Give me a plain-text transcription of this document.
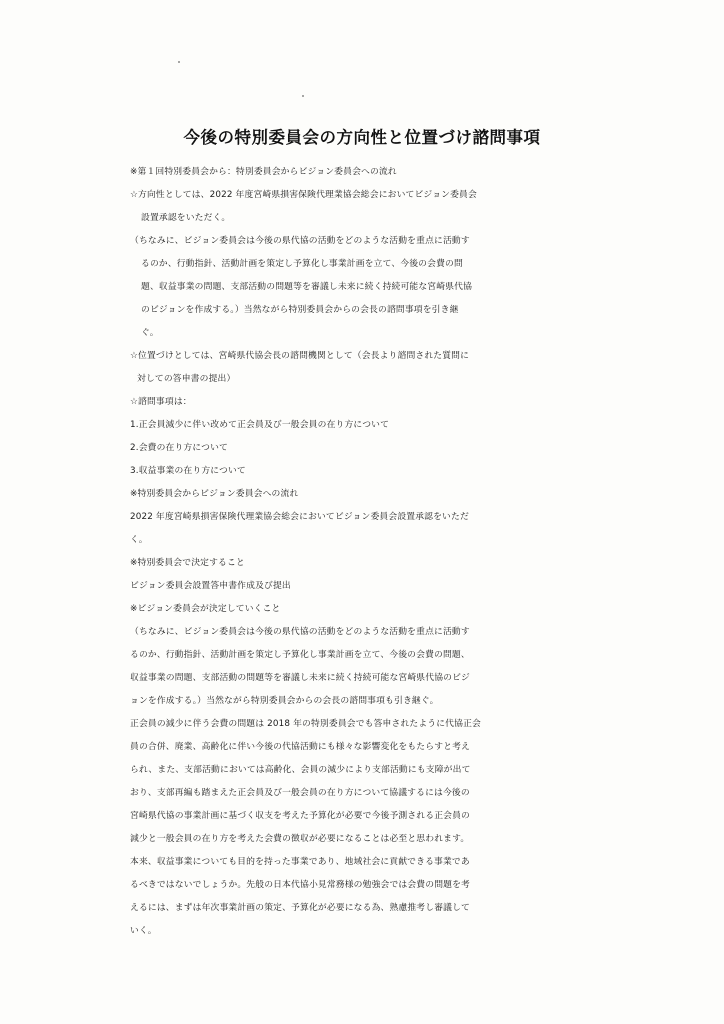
今後の特別委員会の方向性と位置づけ諮問事項
※第１回特別委員会から：特別委員会からビジョン委員会への流れ
☆方向性としては、2022 年度宮崎県損害保険代理業協会総会においてビジョン委員会
設置承認をいただく。
（ちなみに、ビジョン委員会は今後の県代協の活動をどのような活動を重点に活動す
るのか、行動指針、活動計画を策定し予算化し事業計画を立て、今後の会費の問
題、収益事業の問題、支部活動の問題等を審議し未来に続く持続可能な宮崎県代協
のビジョンを作成する。）当然ながら特別委員会からの会長の諮問事項を引き継
ぐ。
☆位置づけとしては、宮崎県代協会長の諮問機関として（会長より諮問された質問に
対しての答申書の提出）
☆諮問事項は：
1.正会員減少に伴い改めて正会員及び一般会員の在り方について
2.会費の在り方について
3.収益事業の在り方について
※特別委員会からビジョン委員会への流れ
2022 年度宮崎県損害保険代理業協会総会においてビジョン委員会設置承認をいただ
く。
※特別委員会で決定すること
ビジョン委員会設置答申書作成及び提出
※ビジョン委員会が決定していくこと
（ちなみに、ビジョン委員会は今後の県代協の活動をどのような活動を重点に活動す
るのか、行動指針、活動計画を策定し予算化し事業計画を立て、今後の会費の問題、
収益事業の問題、支部活動の問題等を審議し未来に続く持続可能な宮崎県代協のビジ
ョンを作成する。）当然ながら特別委員会からの会長の諮問事項も引き継ぐ。
正会員の減少に伴う会費の問題は 2018 年の特別委員会でも答申されたように代協正会
員の合併、廃業、高齢化に伴い今後の代協活動にも様々な影響変化をもたらすと考え
られ、また、支部活動においては高齢化、会員の減少により支部活動にも支障が出て
おり、支部再編も踏まえた正会員及び一般会員の在り方について協議するには今後の
宮崎県代協の事業計画に基づく収支を考えた予算化が必要で今後予測される正会員の
減少と一般会員の在り方を考えた会費の徴収が必要になることは必至と思われます。
本来、収益事業についても目的を持った事業であり、地域社会に貢献できる事業であ
るべきではないでしょうか。先般の日本代協小見常務様の勉強会では会費の問題を考
えるには、まずは年次事業計画の策定、予算化が必要になる為、熟慮推考し審議して
いく。
